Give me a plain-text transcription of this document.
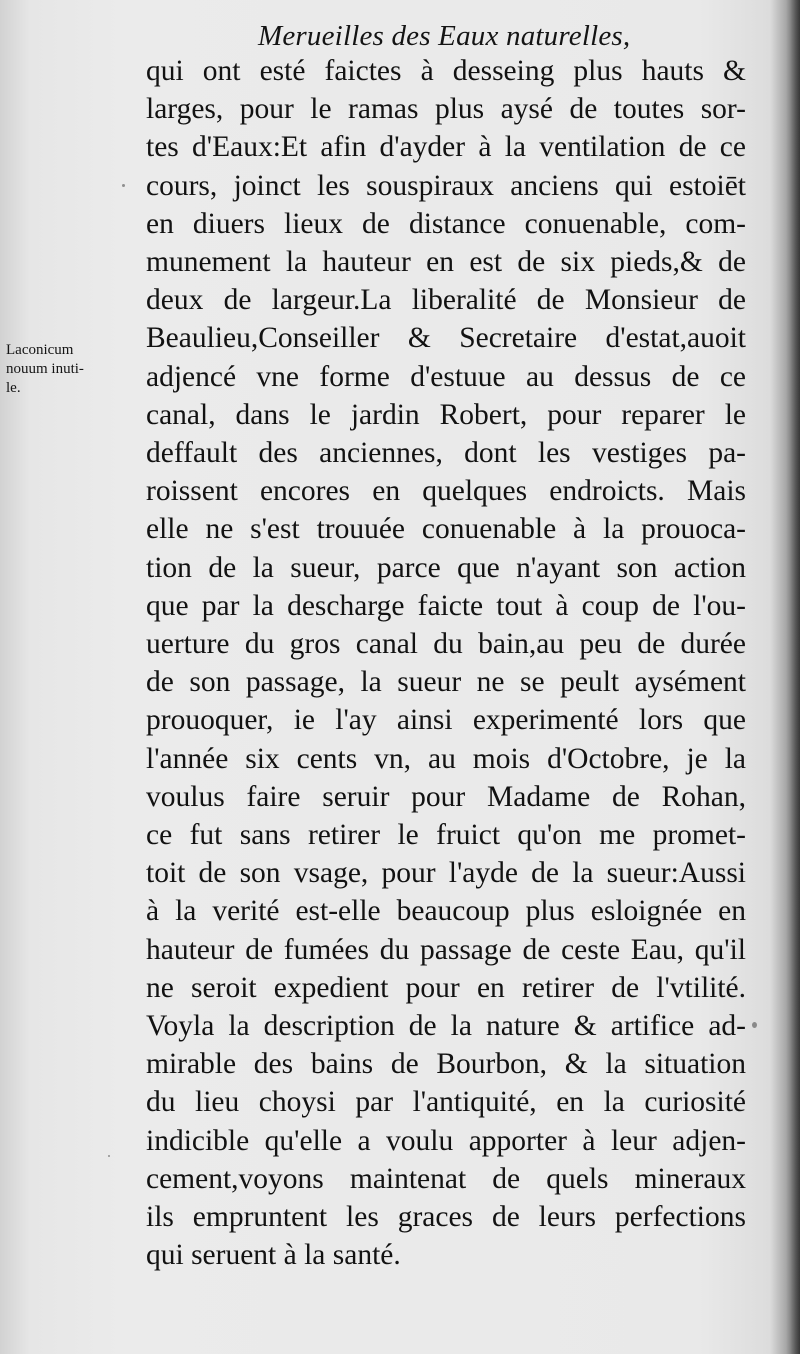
Merueilles des Eaux naturelles,
Laconicum
nouum inuti-
le.
qui ont esté faictes à desseing plus hauts &
larges, pour le ramas plus aysé de toutes sor-
tes d'Eaux:Et afin d'ayder à la ventilation de ce
cours, joinct les souspiraux anciens qui estoiēt
en diuers lieux de distance conuenable, com-
munement la hauteur en est de six pieds,& de
deux de largeur.La liberalité de Monsieur de
Beaulieu,Conseiller & Secretaire d'estat,auoit
adjencé vne forme d'estuue au dessus de ce
canal, dans le jardin Robert, pour reparer le
deffault des anciennes, dont les vestiges pa-
roissent encores en quelques endroicts. Mais
elle ne s'est trouuée conuenable à la prouoca-
tion de la sueur, parce que n'ayant son action
que par la descharge faicte tout à coup de l'ou-
uerture du gros canal du bain,au peu de durée
de son passage, la sueur ne se peult aysément
prouoquer, ie l'ay ainsi experimenté lors que
l'année six cents vn, au mois d'Octobre, je la
voulus faire seruir pour Madame de Rohan,
ce fut sans retirer le fruict qu'on me promet-
toit de son vsage, pour l'ayde de la sueur:Aussi
à la verité est-elle beaucoup plus esloignée en
hauteur de fumées du passage de ceste Eau, qu'il
ne seroit expedient pour en retirer de l'vtilité.
Voyla la description de la nature & artifice ad-
mirable des bains de Bourbon, & la situation
du lieu choysi par l'antiquité, en la curiosité
indicible qu'elle a voulu apporter à leur adjen-
cement,voyons maintenat de quels mineraux
ils empruntent les graces de leurs perfections
qui seruent à la santé.
